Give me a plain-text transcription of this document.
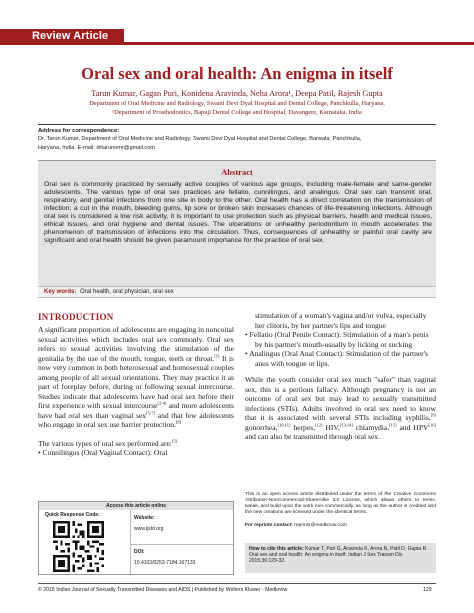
Review Article
Oral sex and oral health: An enigma in itself
Tarun Kumar, Gagan Puri, Konidena Aravinda, Neha Arora¹, Deepa Patil, Rajesh Gupta
Department of Oral Medicine and Radiology, Swami Devi Dyal Hospital and Dental College, Panchkulla, Haryana,
¹Department of Prosthodontics, Bapuji Dental College and Hospital, Davangere, Karnataka, India
Address for correspondence:
Dr. Tarun Kumar, Department of Oral Medicine and Radiology, Swami Devi Dyal Hospital and Dental College, Barwala, Panchkulla,
Haryana, India. E-mail: drtarunomr@gmail.com
Abstract
Oral sex is commonly practiced by sexually active couples of various age groups, including male-female and same-gender adolescents. The various type of oral sex practices are fellatio, cunnilingus, and analingus. Oral sex can transmit oral, respiratory, and genital infections from one site in body to the other. Oral health has a direct correlation on the transmission of infection; a cut in the mouth, bleeding gums, lip sore or broken skin increases chances of life-threatening infections. Although oral sex is considered a low risk activity, it is important to use protection such as physical barriers, health and medical issues, ethical issues, and oral hygiene and dental issues. The ulcerations or unhealthy periodontium in mouth accelerates the phenomenon of transmission of infections into the circulation. Thus, consequences of unhealthy or painful oral cavity are significant and oral health should be given paramount importance for the practice of oral sex.
Key words: Oral health, oral physician, oral sex
INTRODUCTION

A significant proportion of adolescents are engaging in noncoital sexual activities which includes oral sex commonly. Oral sex refers to sexual activities involving the stimulation of the genitalia by the use of the mouth, tongue, teeth or throat.[1] It is now very common in both heterosexual and homosexual couples among people of all sexual orientations. They may practice it as part of foreplay before, during or following sexual intercourse. Studies indicate that adolescents have had oral sex before their first experience with sexual intercourse[2-4] and more adolescents have had oral sex than vaginal sex[5-7] and that few adolescents who engage in oral sex use barrier protection.[8]

The various types of oral sex performed are:[5]

• Cunnilingus (Oral Vaginal Contact): Oral

stimulation of a woman's vagina and/or vulva, especially her clitoris, by her partner's lips and tongue
• Fellatio (Oral Penile Contact): Stimulation of a man's penis by his partner's mouth-usually by licking or sucking
• Analingus (Oral Anal Contact): Stimulation of the partner's anus with tongue or lips.

While the youth consider oral sex much "safer" than vaginal sex, this is a perilous fallacy. Although pregnancy is not an outcome of oral sex but may lead to sexually transmitted infections (STIs). Adults involved in oral sex need to know that it is associated with several STIs including syphilis,[9] gonorrhea,[10,11] herpes,[12] HIV,[13,14] chlamydia,[15] and HPV[16] and can also be transmitted through oral sex.

Access this article online
Quick Response Code:	Website:
www.ijstd.org
DOI:
10.4103/0253-7184.167133
This is an open access article distributed under the terms of the Creative Commons Attribution-NonCommercial-ShareAlike 3.0 License, which allows others to remix, tweak, and build upon the work non-commercially, as long as the author is credited and the new creations are licensed under the identical terms.
For reprints contact: reprints@medknow.com
How to cite this article: Kumar T, Puri G, Aravinda K, Arora N, Patil D, Gupta R. Oral sex and oral health: An enigma in itself. Indian J Sex Transm Dis 2015;36:129-32.
© 2015 Indian Journal of Sexually Transmitted Diseases and AIDS | Published by Wolters Kluwer - Medknow	129
